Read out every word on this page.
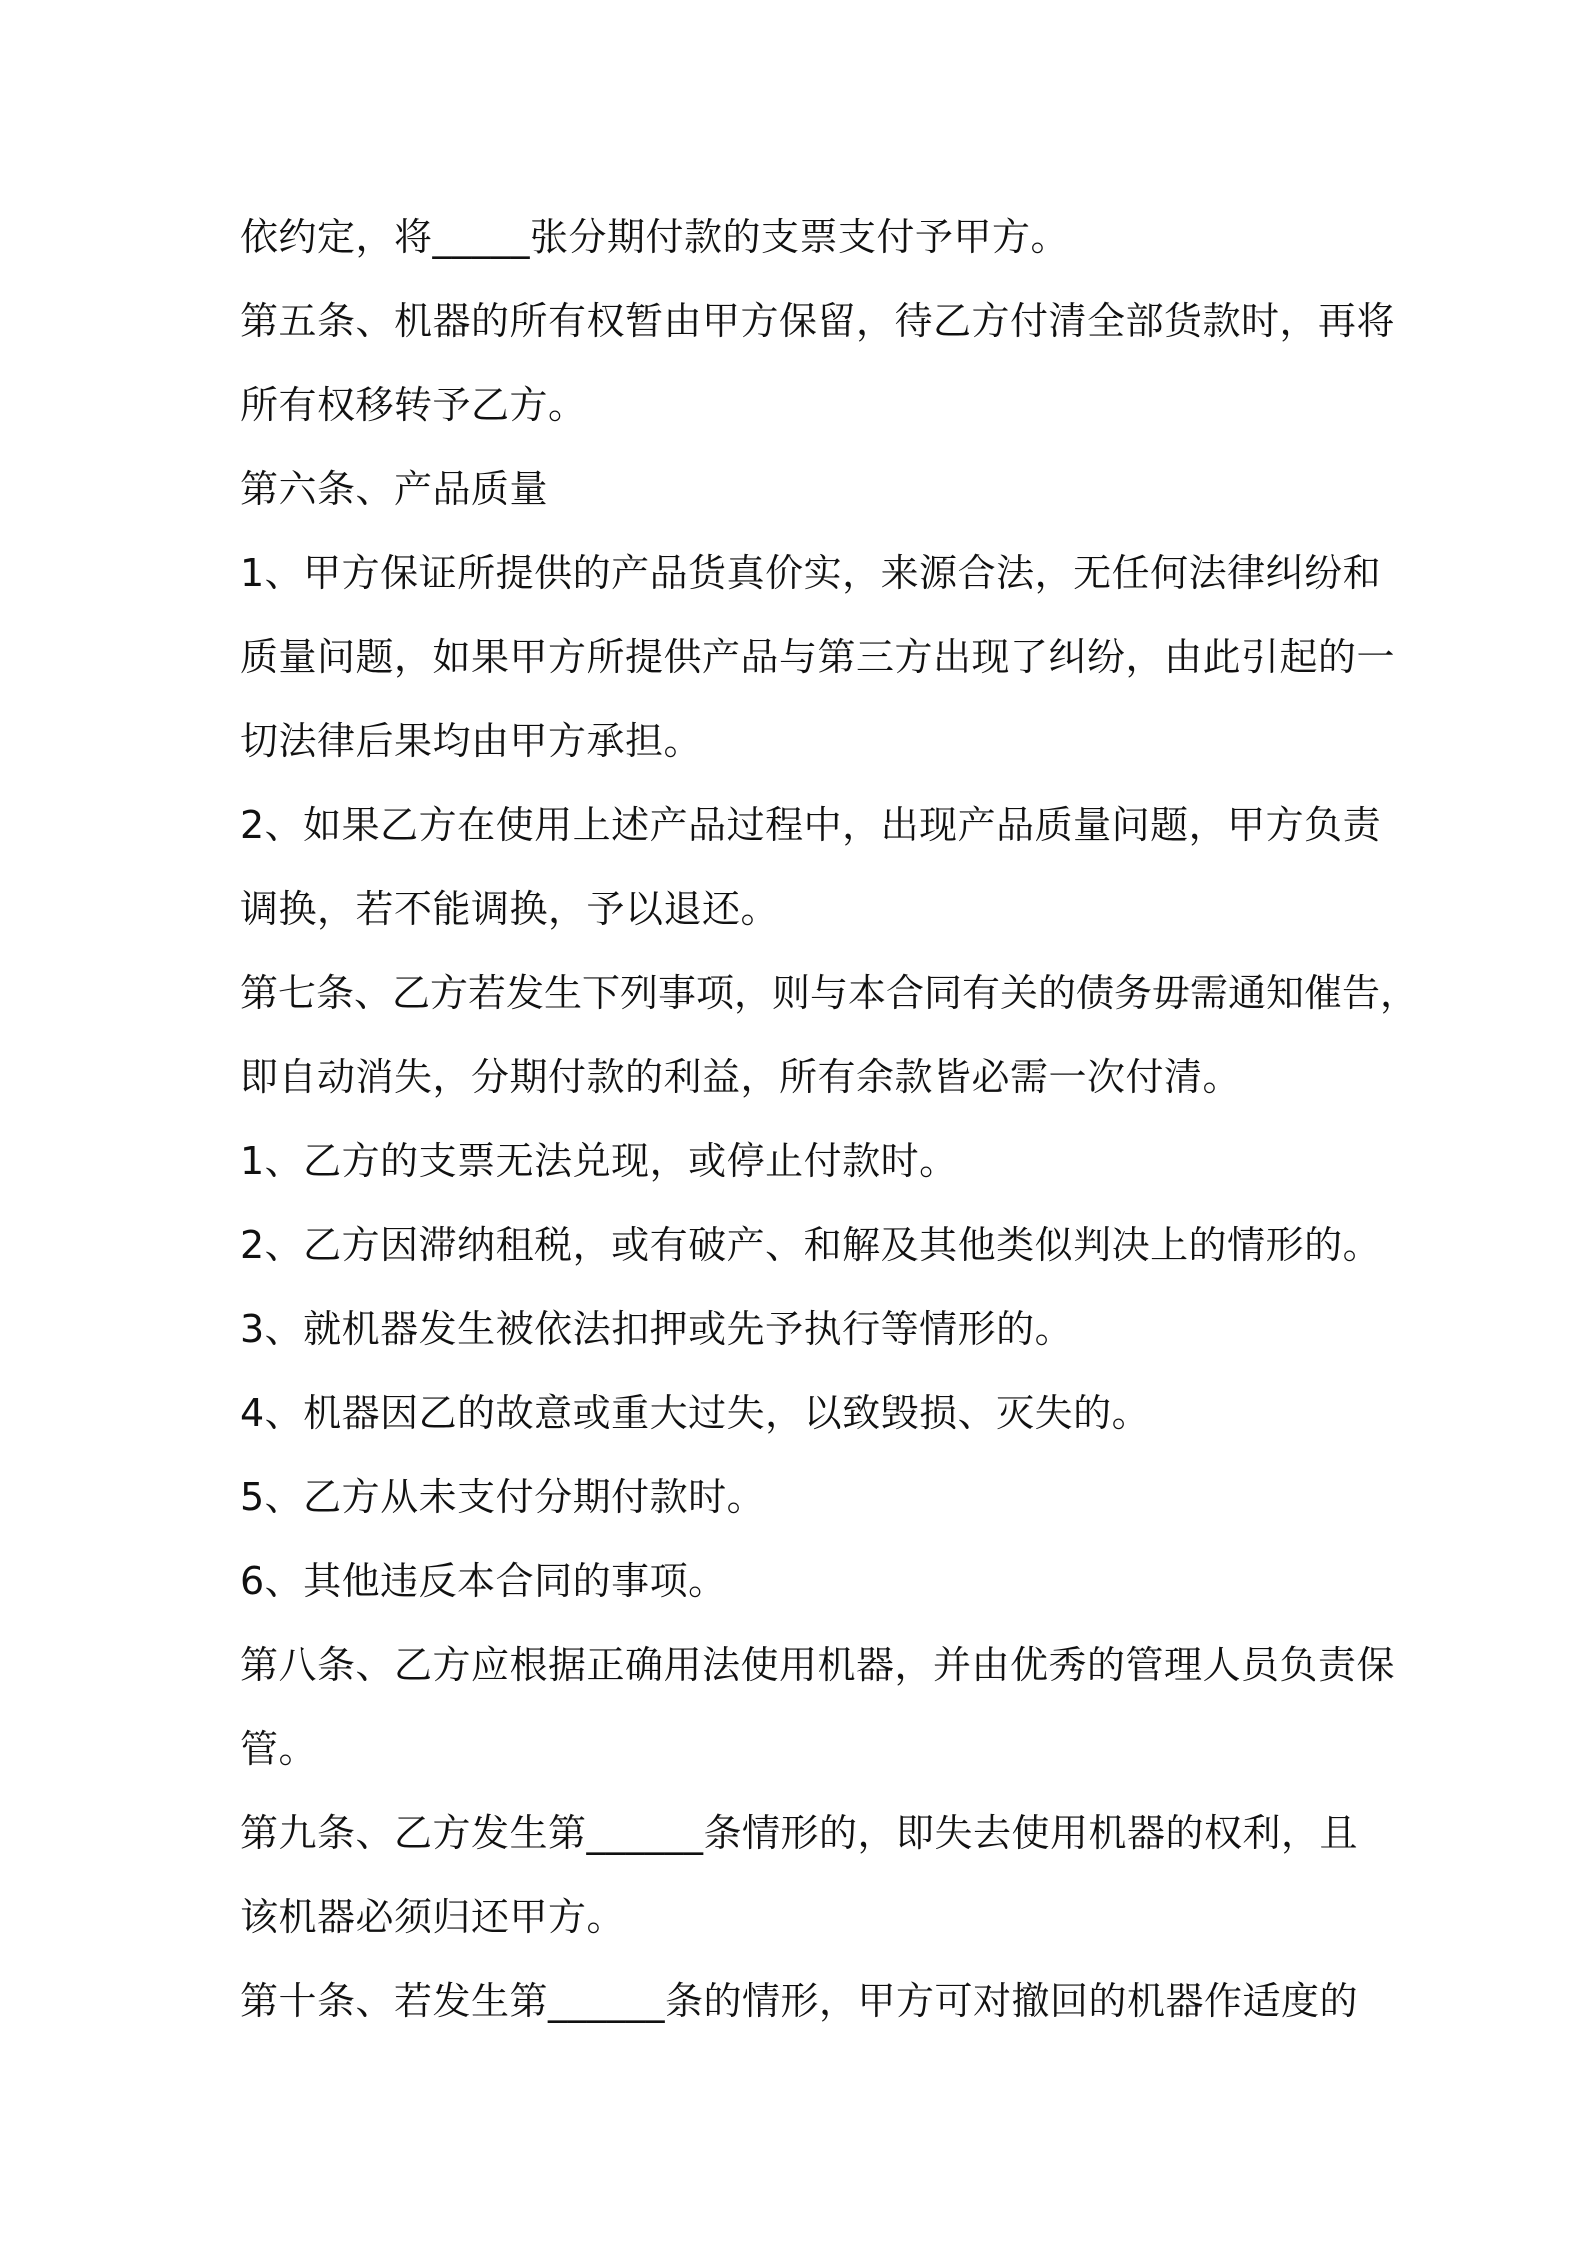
依约定，将_____张分期付款的支票支付予甲方。
第五条、机器的所有权暂由甲方保留，待乙方付清全部货款时，再将
所有权移转予乙方。
第六条、产品质量
1、甲方保证所提供的产品货真价实，来源合法，无任何法律纠纷和
质量问题，如果甲方所提供产品与第三方出现了纠纷，由此引起的一
切法律后果均由甲方承担。
2、如果乙方在使用上述产品过程中，出现产品质量问题，甲方负责
调换，若不能调换，予以退还。
第七条、乙方若发生下列事项，则与本合同有关的债务毋需通知催告，
即自动消失，分期付款的利益，所有余款皆必需一次付清。
1、乙方的支票无法兑现，或停止付款时。
2、乙方因滞纳租税，或有破产、和解及其他类似判决上的情形的。
3、就机器发生被依法扣押或先予执行等情形的。
4、机器因乙的故意或重大过失，以致毁损、灭失的。
5、乙方从未支付分期付款时。
6、其他违反本合同的事项。
第八条、乙方应根据正确用法使用机器，并由优秀的管理人员负责保
管。
第九条、乙方发生第______条情形的，即失去使用机器的权利，且
该机器必须归还甲方。
第十条、若发生第______条的情形，甲方可对撤回的机器作适度的
